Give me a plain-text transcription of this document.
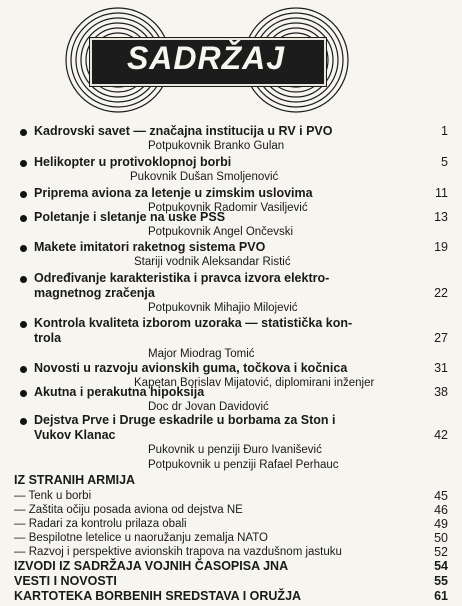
SADRŽAJ
Kadrovski savet — značajna institucija u RV i PVO	1
Potpukovnik Branko Gulan
Helikopter u protivoklopnoj borbi	5
Pukovnik Dušan Smoljenović
Priprema aviona za letenje u zimskim uslovima	11
Potpukovnik Radomir Vasiljević
Poletanje i sletanje na uske PSS	13
Potpukovnik Angel Ončevski
Makete imitatori raketnog sistema PVO	19
Stariji vodnik Aleksandar Ristić
Određivanje karakteristika i pravca izvora elektro-
magnetnog zračenja	22
Potpukovnik Mihajio Milojević
Kontrola kvaliteta izborom uzoraka — statistička kon-
trola	27
Major Miodrag Tomić
Novosti u razvoju avionskih guma, točkova i kočnica	31
Kapetan Borislav Mijatović, diplomirani inženjer
Akutna i perakutna hipoksija	38
Doc dr Jovan Davidović
Dejstva Prve i Druge eskadrile u borbama za Ston i
Vukov Klanac	42
Pukovnik u penziji Đuro Ivanišević
Potpukovnik u penziji Rafael Perhauc
IZ STRANIH ARMIJA
— Tenk u borbi	45
— Zaštita očiju posada aviona od dejstva NE	46
— Radari za kontrolu prilaza obali	49
— Bespilotne letelice u naoružanju zemalja NATO	50
— Razvoj i perspektive avionskih trapova na vazdušnom jastuku	52
IZVODI IZ SADRŽAJA VOJNIH ČASOPISA JNA	54
VESTI I NOVOSTI	55
KARTOTEKA BORBENIH SREDSTAVA I ORUŽJA	61
